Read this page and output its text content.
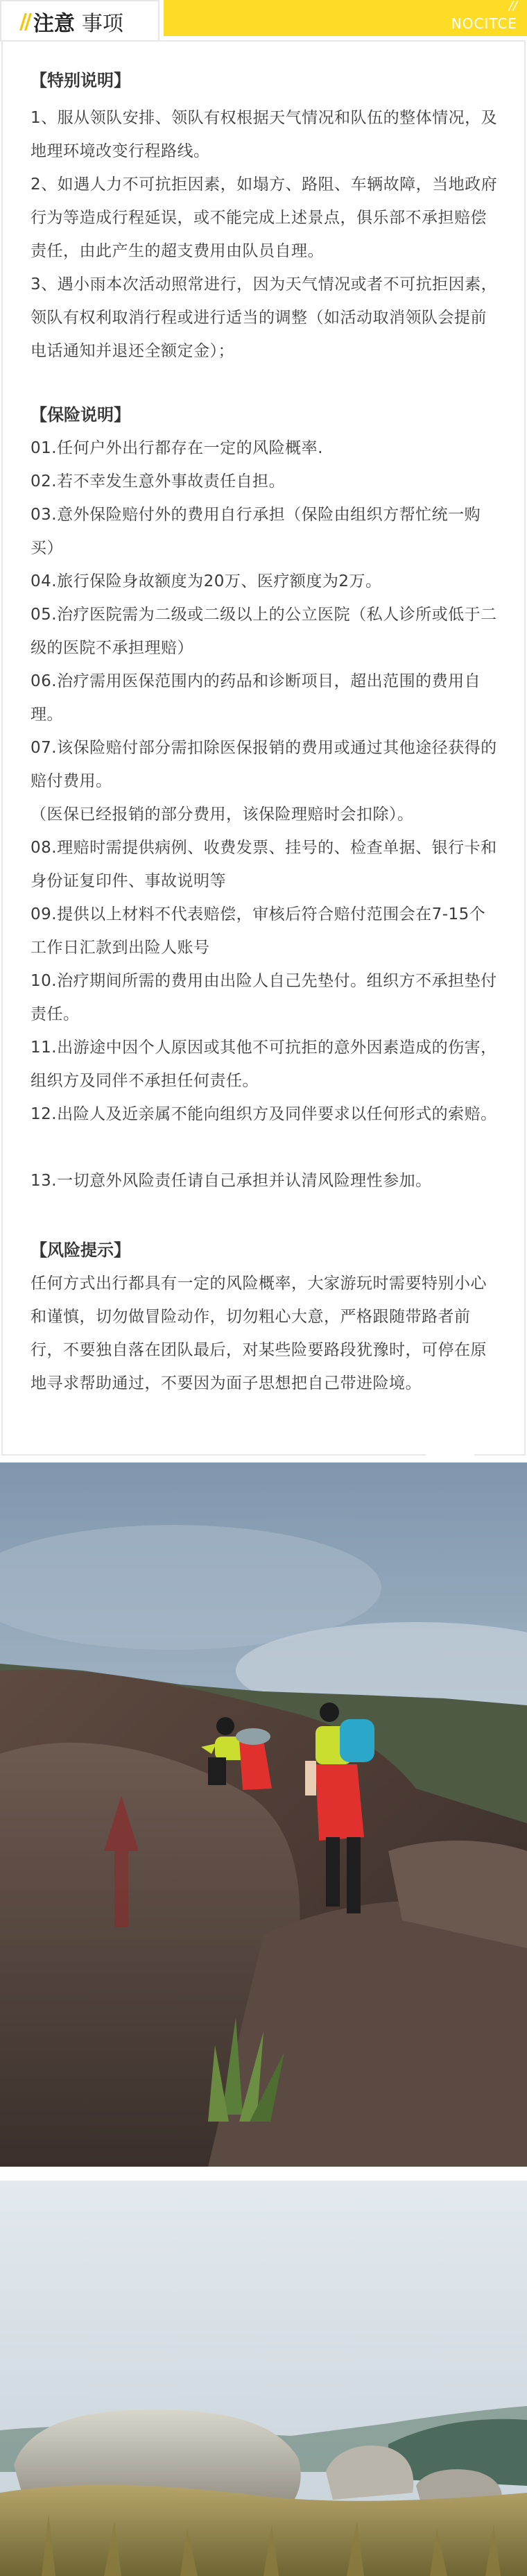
// 注意 事项
//
NOCITCE
【特别说明】
1、服从领队安排、领队有权根据天气情况和队伍的整体情况，及地理环境改变行程路线。
2、如遇人力不可抗拒因素，如塌方、路阻、车辆故障，当地政府行为等造成行程延误，或不能完成上述景点，俱乐部不承担赔偿责任，由此产生的超支费用由队员自理。
3、遇小雨本次活动照常进行，因为天气情况或者不可抗拒因素，领队有权利取消行程或进行适当的调整（如活动取消领队会提前电话通知并退还全额定金）；
【保险说明】
01.任何户外出行都存在一定的风险概率.
02.若不幸发生意外事故责任自担。
03.意外保险赔付外的费用自行承担（保险由组织方帮忙统一购买）
04.旅行保险身故额度为20万、医疗额度为2万。
05.治疗医院需为二级或二级以上的公立医院（私人诊所或低于二级的医院不承担理赔）
06.治疗需用医保范围内的药品和诊断项目，超出范围的费用自理。
07.该保险赔付部分需扣除医保报销的费用或通过其他途径获得的赔付费用。
（医保已经报销的部分费用，该保险理赔时会扣除）。
08.理赔时需提供病例、收费发票、挂号的、检查单据、银行卡和身份证复印件、事故说明等
09.提供以上材料不代表赔偿，审核后符合赔付范围会在7-15个工作日汇款到出险人账号
10.治疗期间所需的费用由出险人自己先垫付。组织方不承担垫付责任。
11.出游途中因个人原因或其他不可抗拒的意外因素造成的伤害，组织方及同伴不承担任何责任。
12.出险人及近亲属不能向组织方及同伴要求以任何形式的索赔。
13.一切意外风险责任请自己承担并认清风险理性参加。
【风险提示】
任何方式出行都具有一定的风险概率，大家游玩时需要特别小心和谨慎，切勿做冒险动作，切勿粗心大意，严格跟随带路者前行，不要独自落在团队最后，对某些险要路段犹豫时，可停在原地寻求帮助通过，不要因为面子思想把自己带进险境。
